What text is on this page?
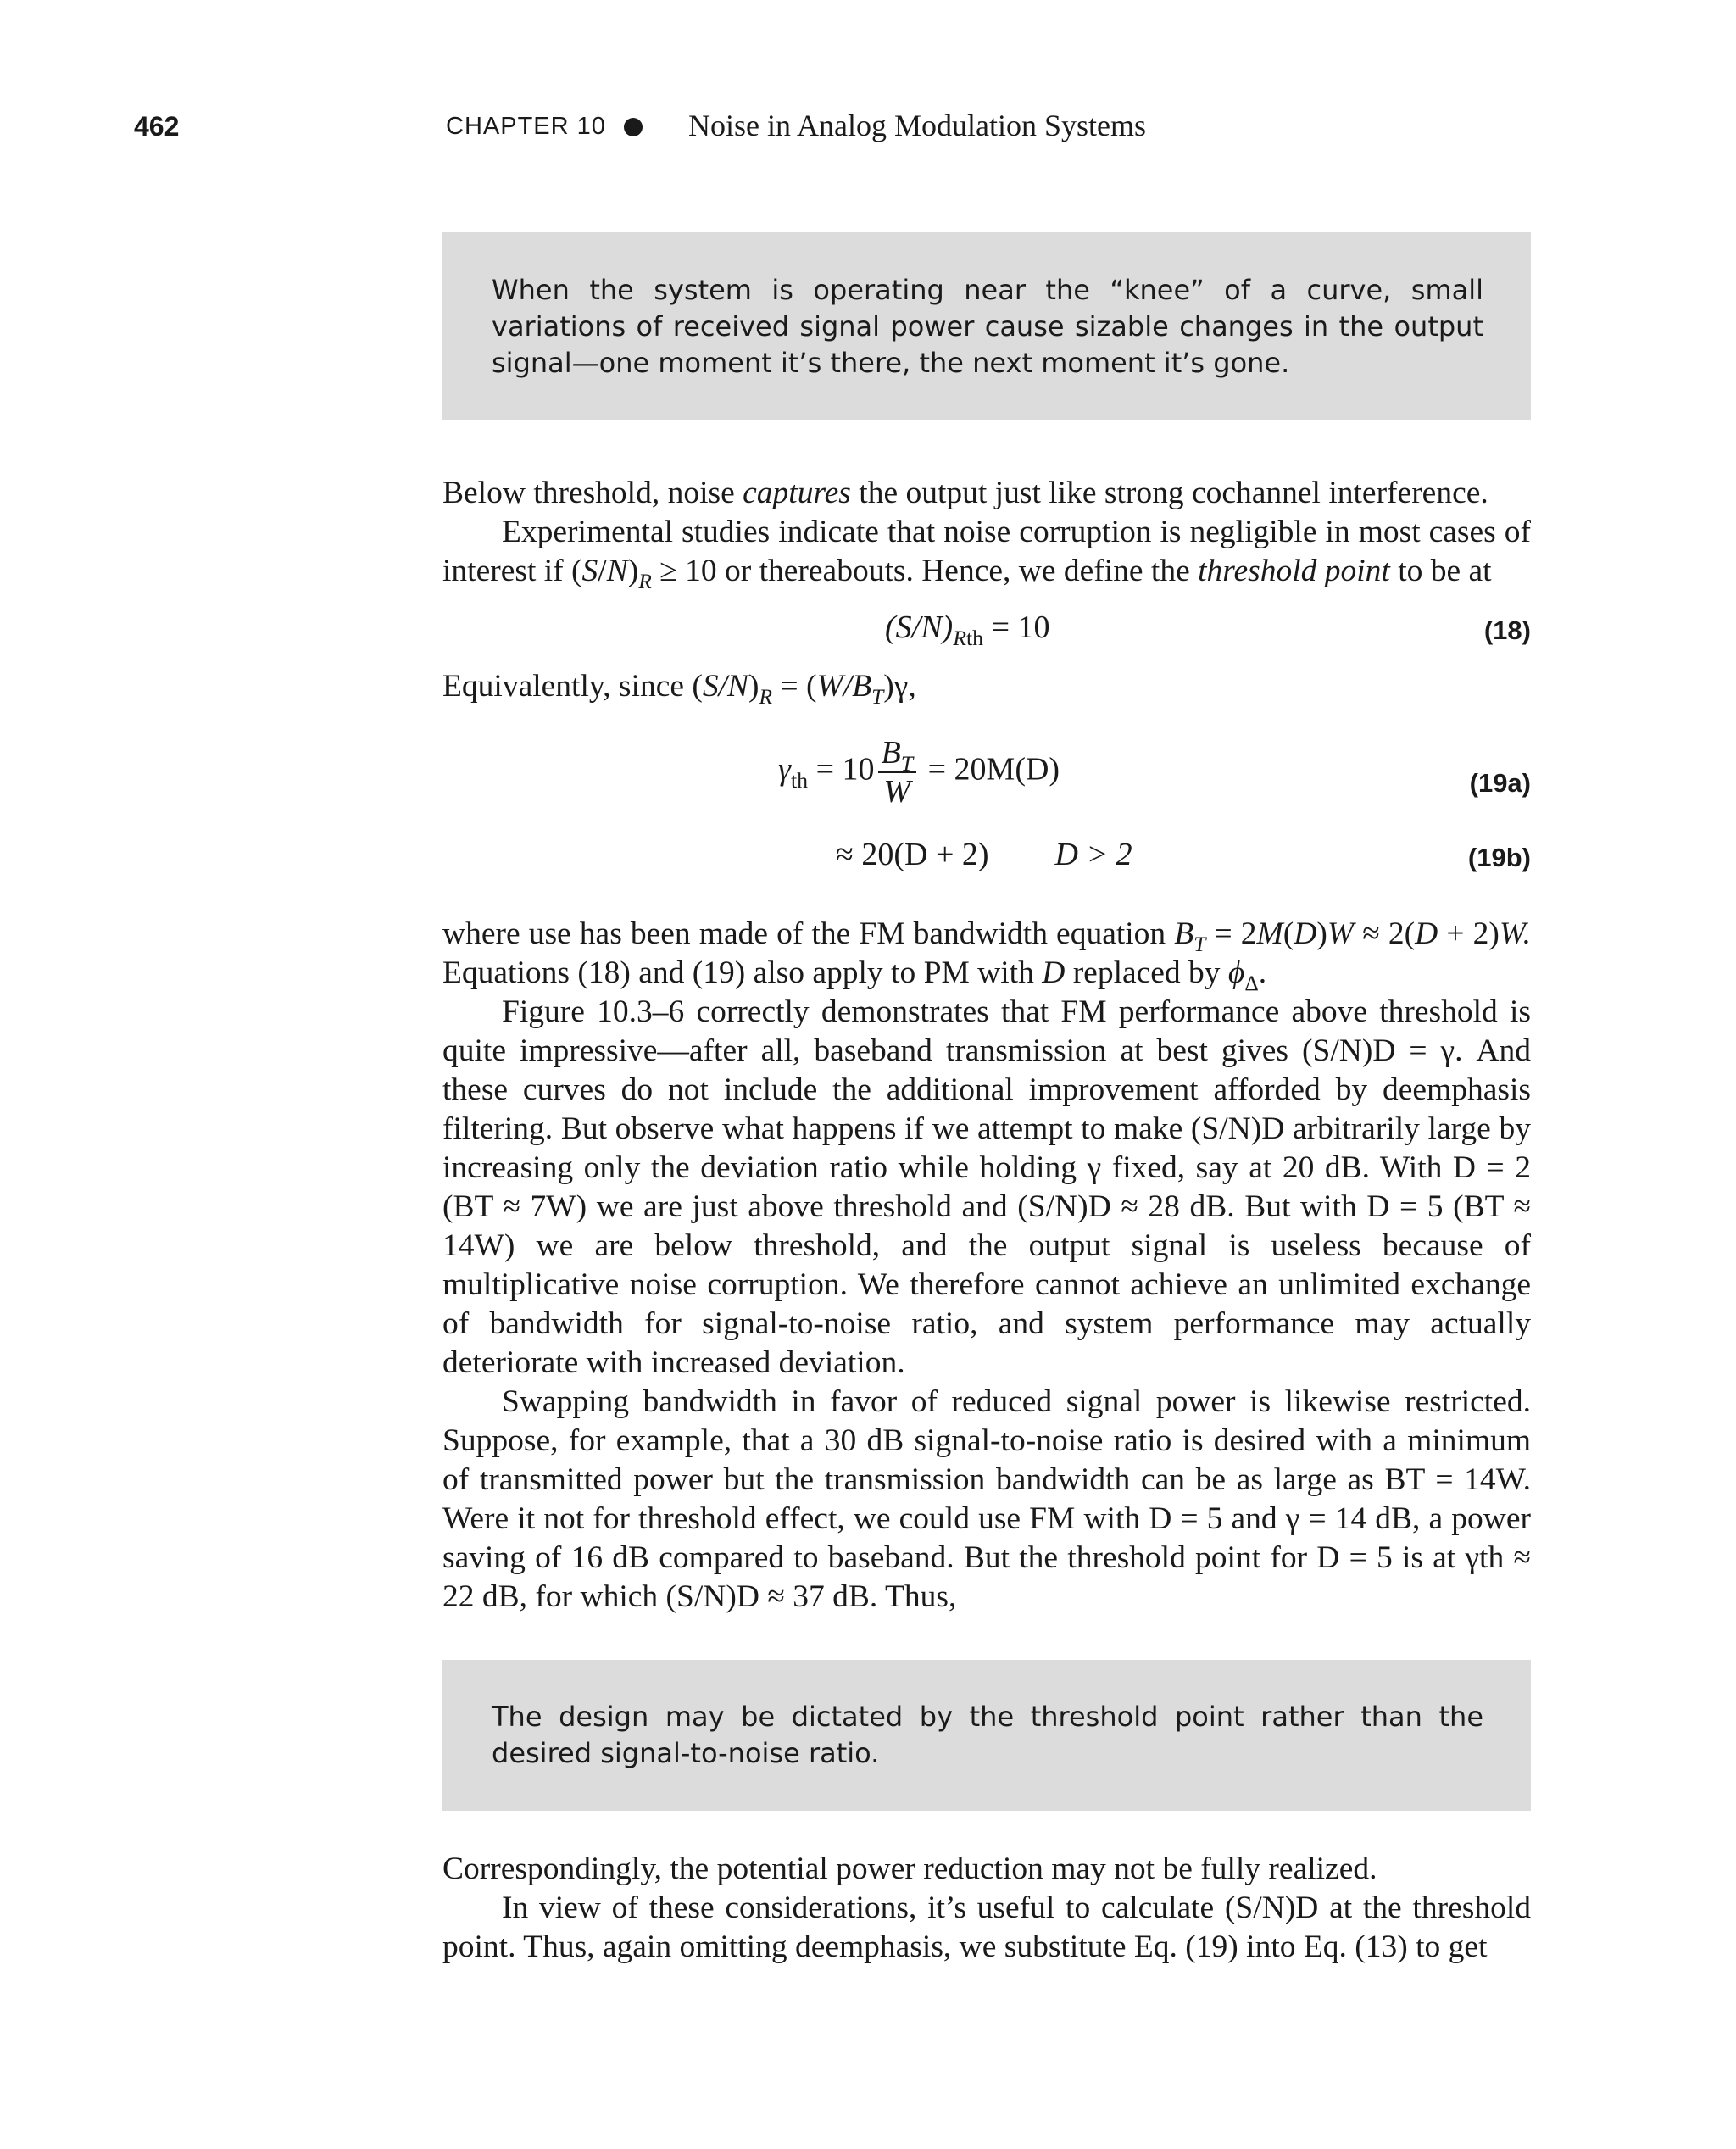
462	CHAPTER 10	Noise in Analog Modulation Systems
When the system is operating near the “knee” of a curve, small variations of received signal power cause sizable changes in the output signal—one moment it’s there, the next moment it’s gone.

Below threshold, noise captures the output just like strong cochannel interference.

Experimental studies indicate that noise corruption is negligible in most cases of interest if $(S/N)_R \ge 10$ or thereabouts. Hence, we define the threshold point to be at

$(S/N)_{Rth} = 10$	(18)

Equivalently, since $(S/N)_R = (W/B_T)\gamma$,

$\gamma_{th} = 10 \frac{B_T}{W} = 20M(D)$	(19a)
≈ 20(D + 2) D > 2	(19b)

where use has been made of the FM bandwidth equation $B_T = 2M(D)W \approx 2(D + 2)W$. Equations (18) and (19) also apply to PM with D replaced by $\phi_\Delta$.

Figure 10.3–6 correctly demonstrates that FM performance above threshold is quite impressive—after all, baseband transmission at best gives (S/N)D = γ. And these curves do not include the additional improvement afforded by deemphasis filtering. But observe what happens if we attempt to make (S/N)D arbitrarily large by increasing only the deviation ratio while holding γ fixed, say at 20 dB. With D = 2 (BT ≈ 7W) we are just above threshold and (S/N)D ≈ 28 dB. But with D = 5 (BT ≈ 14W) we are below threshold, and the output signal is useless because of multiplicative noise corruption. We therefore cannot achieve an unlimited exchange of bandwidth for signal-to-noise ratio, and system performance may actually deteriorate with increased deviation.

Swapping bandwidth in favor of reduced signal power is likewise restricted. Suppose, for example, that a 30 dB signal-to-noise ratio is desired with a minimum of transmitted power but the transmission bandwidth can be as large as BT = 14W. Were it not for threshold effect, we could use FM with D = 5 and γ = 14 dB, a power saving of 16 dB compared to baseband. But the threshold point for D = 5 is at γth ≈ 22 dB, for which (S/N)D ≈ 37 dB. Thus,

The design may be dictated by the threshold point rather than the desired signal-to-noise ratio.

Correspondingly, the potential power reduction may not be fully realized.

In view of these considerations, it’s useful to calculate (S/N)D at the threshold point. Thus, again omitting deemphasis, we substitute Eq. (19) into Eq. (13) to get
